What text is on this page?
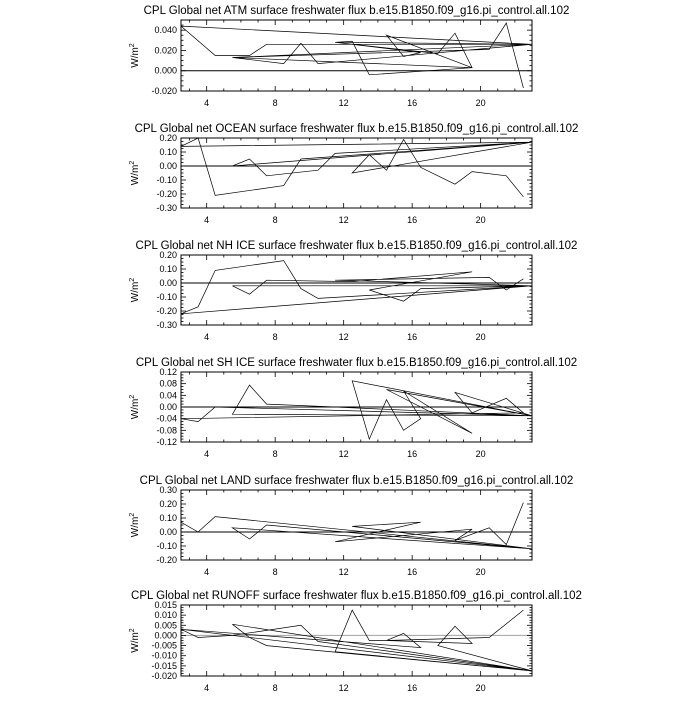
CPL Global net ATM surface freshwater flux b.e15.B1850.f09_g16.pi_control.all.102
4	8	12	16	20
-0.020
0.000
0.020
0.040
$W/m^2$
CPL Global net OCEAN surface freshwater flux b.e15.B1850.f09_g16.pi_control.all.102
4	8	12	16	20
-0.30
-0.20
-0.10
0.00
0.10
0.20
$W/m^2$
CPL Global net NH ICE surface freshwater flux b.e15.B1850.f09_g16.pi_control.all.102
4	8	12	16	20
-0.30
-0.20
-0.10
0.00
0.10
0.20
$W/m^2$
CPL Global net SH ICE surface freshwater flux b.e15.B1850.f09_g16.pi_control.all.102
4	8	12	16	20
-0.12
-0.08
-0.04
0.00
0.04
0.08
0.12
$W/m^2$
CPL Global net LAND surface freshwater flux b.e15.B1850.f09_g16.pi_control.all.102
4	8	12	16	20
-0.20
-0.10
0.00
0.10
0.20
0.30
$W/m^2$
CPL Global net RUNOFF surface freshwater flux b.e15.B1850.f09_g16.pi_control.all.102
4	8	12	16	20
-0.020
-0.015
-0.010
-0.005
0.000
0.005
0.010
0.015
$W/m^2$
